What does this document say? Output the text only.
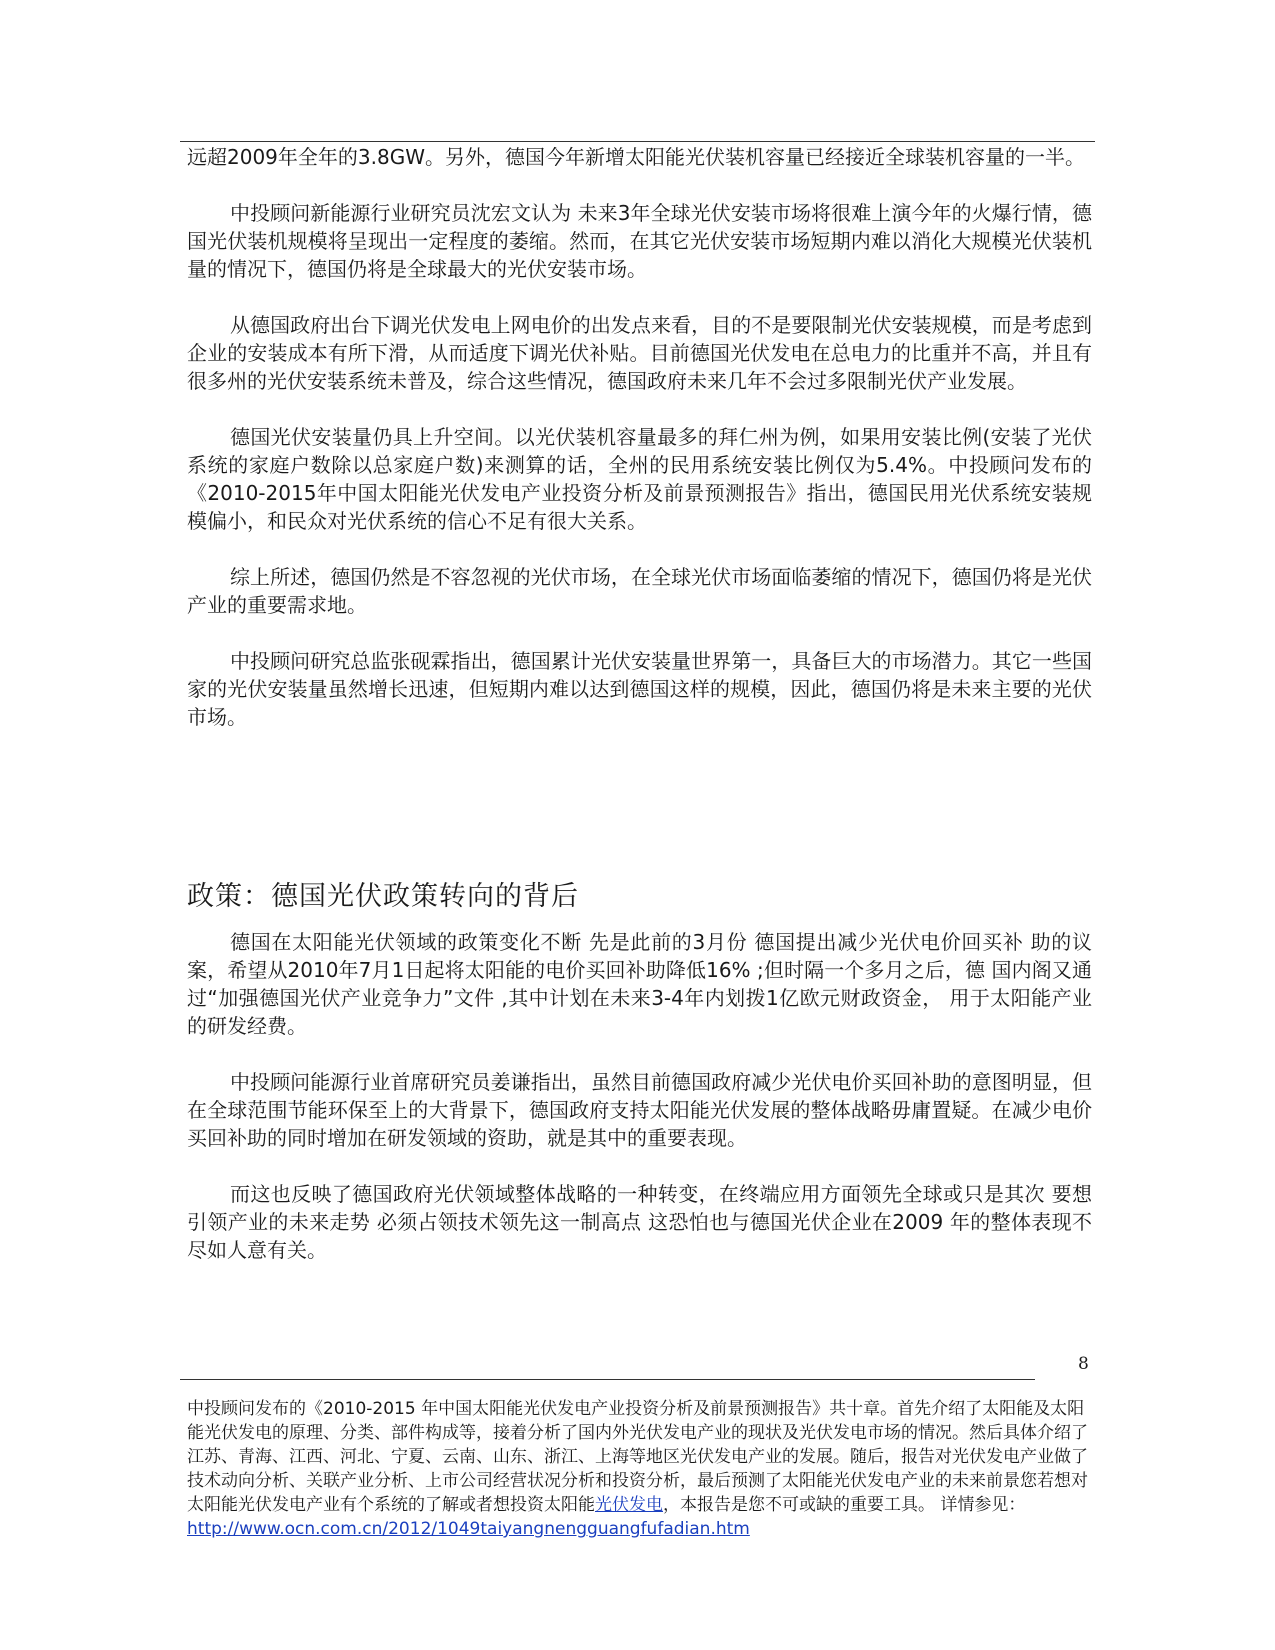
远超2009年全年的3.8GW。另外，德国今年新增太阳能光伏装机容量已经接近全球装机容量的一半。

中投顾问新能源行业研究员沈宏文认为 未来3年全球光伏安装市场将很难上演今年的火爆行情，德国光伏装机规模将呈现出一定程度的萎缩。然而，在其它光伏安装市场短期内难以消化大规模光伏装机量的情况下，德国仍将是全球最大的光伏安装市场。

从德国政府出台下调光伏发电上网电价的出发点来看，目的不是要限制光伏安装规模，而是考虑到企业的安装成本有所下滑，从而适度下调光伏补贴。目前德国光伏发电在总电力的比重并不高，并且有很多州的光伏安装系统未普及，综合这些情况，德国政府未来几年不会过多限制光伏产业发展。

德国光伏安装量仍具上升空间。以光伏装机容量最多的拜仁州为例，如果用安装比例(安装了光伏系统的家庭户数除以总家庭户数)来测算的话，全州的民用系统安装比例仅为5.4%。中投顾问发布的《2010-2015年中国太阳能光伏发电产业投资分析及前景预测报告》指出，德国民用光伏系统安装规模偏小，和民众对光伏系统的信心不足有很大关系。

综上所述，德国仍然是不容忽视的光伏市场，在全球光伏市场面临萎缩的情况下，德国仍将是光伏产业的重要需求地。

中投顾问研究总监张砚霖指出，德国累计光伏安装量世界第一，具备巨大的市场潜力。其它一些国家的光伏安装量虽然增长迅速，但短期内难以达到德国这样的规模，因此，德国仍将是未来主要的光伏市场。

政策：德国光伏政策转向的背后

德国在太阳能光伏领域的政策变化不断 先是此前的3月份 德国提出减少光伏电价回买补 助的议案，希望从2010年7月1日起将太阳能的电价买回补助降低16% ;但时隔一个多月之后，德 国内阁又通过“加强德国光伏产业竞争力”文件 ,其中计划在未来3-4年内划拨1亿欧元财政资金， 用于太阳能产业的研发经费。

中投顾问能源行业首席研究员姜谦指出，虽然目前德国政府减少光伏电价买回补助的意图明显，但在全球范围节能环保至上的大背景下，德国政府支持太阳能光伏发展的整体战略毋庸置疑。在减少电价买回补助的同时增加在研发领域的资助，就是其中的重要表现。

而这也反映了德国政府光伏领域整体战略的一种转变，在终端应用方面领先全球或只是其次 要想引领产业的未来走势 必须占领技术领先这一制高点 这恐怕也与德国光伏企业在2009 年的整体表现不尽如人意有关。

8
中投顾问发布的《2010-2015 年中国太阳能光伏发电产业投资分析及前景预测报告》共十章。首先介绍了太阳能及太阳能光伏发电的原理、分类、部件构成等，接着分析了国内外光伏发电产业的现状及光伏发电市场的情况。然后具体介绍了江苏、青海、江西、河北、宁夏、云南、山东、浙江、上海等地区光伏发电产业的发展。随后，报告对光伏发电产业做了技术动向分析、关联产业分析、上市公司经营状况分析和投资分析，最后预测了太阳能光伏发电产业的未来前景您若想对太阳能光伏发电产业有个系统的了解或者想投资太阳能光伏发电，本报告是您不可或缺的重要工具。 详情参见：
http://www.ocn.com.cn/2012/1049taiyangnengguangfufadian.htm
